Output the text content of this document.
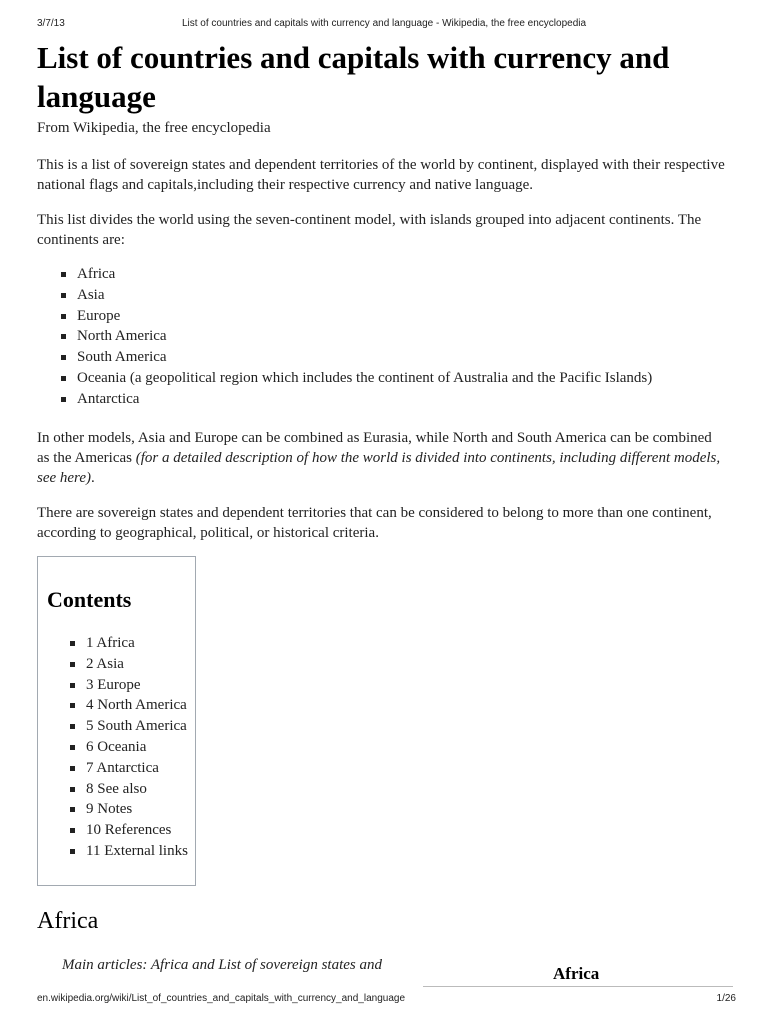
3/7/13	List of countries and capitals with currency and language - Wikipedia, the free encyclopedia
List of countries and capitals with currency and language
From Wikipedia, the free encyclopedia

This is a list of sovereign states and dependent territories of the world by continent, displayed with their respective national flags and capitals,including their respective currency and native language.

This list divides the world using the seven-continent model, with islands grouped into adjacent continents. The continents are:

Africa
Asia
Europe
North America
South America
Oceania (a geopolitical region which includes the continent of Australia and the Pacific Islands)
Antarctica

In other models, Asia and Europe can be combined as Eurasia, while North and South America can be combined as the Americas (for a detailed description of how the world is divided into continents, including different models, see here).

There are sovereign states and dependent territories that can be considered to belong to more than one continent, according to geographical, political, or historical criteria.

Contents
1 Africa
2 Asia
3 Europe
4 North America
5 South America
6 Oceania
7 Antarctica
8 See also
9 Notes
10 References
11 External links
Africa
Main articles: Africa and List of sovereign states and	Africa
en.wikipedia.org/wiki/List_of_countries_and_capitals_with_currency_and_language	1/26
